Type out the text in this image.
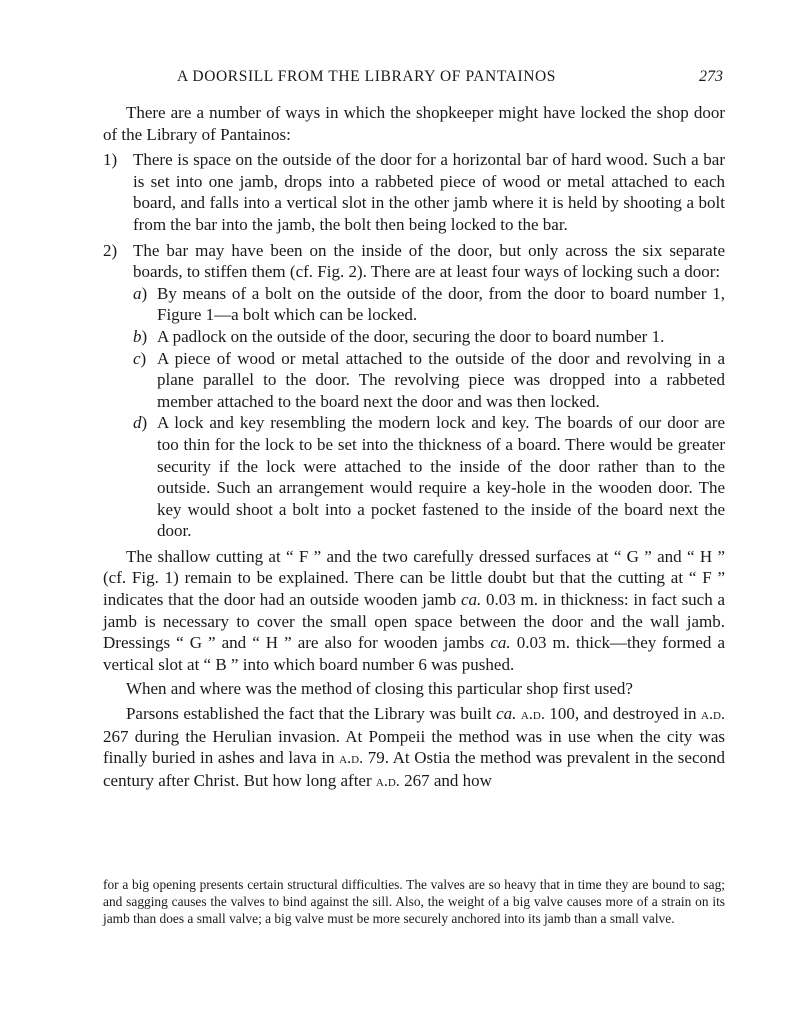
A DOORSILL FROM THE LIBRARY OF PANTAINOS	273

There are a number of ways in which the shopkeeper might have locked the shop door of the Library of Pantainos:

1) There is space on the outside of the door for a horizontal bar of hard wood. Such a bar is set into one jamb, drops into a rabbeted piece of wood or metal attached to each board, and falls into a vertical slot in the other jamb where it is held by shooting a bolt from the bar into the jamb, the bolt then being locked to the bar.
2) The bar may have been on the inside of the door, but only across the six separate boards, to stiffen them (cf. Fig. 2). There are at least four ways of locking such a door:
a) By means of a bolt on the outside of the door, from the door to board number 1, Figure 1—a bolt which can be locked.
b) A padlock on the outside of the door, securing the door to board number 1.
c) A piece of wood or metal attached to the outside of the door and revolving in a plane parallel to the door. The revolving piece was dropped into a rabbeted member attached to the board next the door and was then locked.
d) A lock and key resembling the modern lock and key. The boards of our door are too thin for the lock to be set into the thickness of a board. There would be greater security if the lock were attached to the inside of the door rather than to the outside. Such an arrangement would require a key-hole in the wooden door. The key would shoot a bolt into a pocket fastened to the inside of the board next the door.

The shallow cutting at “ F ” and the two carefully dressed surfaces at “ G ” and “ H ” (cf. Fig. 1) remain to be explained. There can be little doubt but that the cutting at “ F ” indicates that the door had an outside wooden jamb ca. 0.03 m. in thickness: in fact such a jamb is necessary to cover the small open space between the door and the wall jamb. Dressings “ G ” and “ H ” are also for wooden jambs ca. 0.03 m. thick—they formed a vertical slot at “ B ” into which board number 6 was pushed.

When and where was the method of closing this particular shop first used?

Parsons established the fact that the Library was built ca. a.d. 100, and destroyed in a.d. 267 during the Herulian invasion. At Pompeii the method was in use when the city was finally buried in ashes and lava in a.d. 79. At Ostia the method was prevalent in the second century after Christ. But how long after a.d. 267 and how

for a big opening presents certain structural difficulties. The valves are so heavy that in time they are bound to sag; and sagging causes the valves to bind against the sill. Also, the weight of a big valve causes more of a strain on its jamb than does a small valve; a big valve must be more securely anchored into its jamb than a small valve.
